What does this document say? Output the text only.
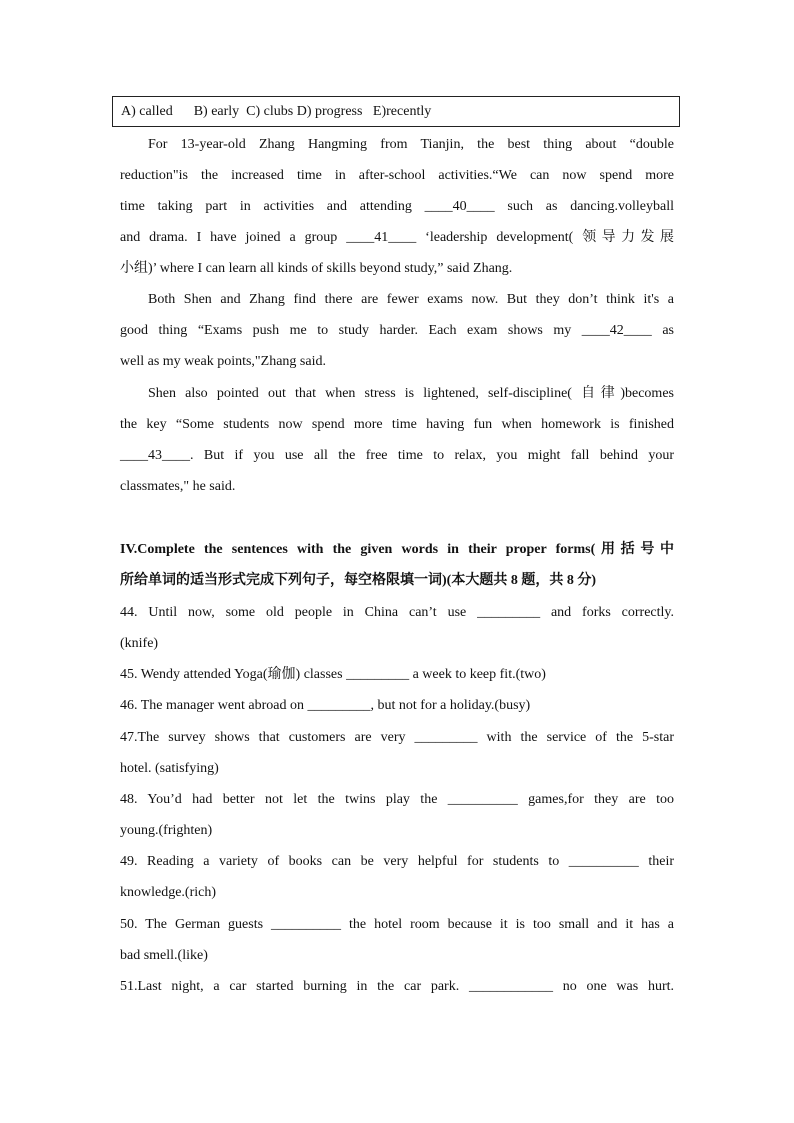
A) called      B) early  C) clubs D) progress   E)recently
For 13-year-old Zhang Hangming from Tianjin, the best thing about “double
reduction"is the increased time in after-school activities.“We can now spend more
time taking part in activities and attending ____40____ such as dancing.volleyball
and drama. I have joined a group ____41____ ‘leadership development( 领导力发展
小组)’ where I can learn all kinds of skills beyond study,” said Zhang.
Both Shen and Zhang find there are fewer exams now. But they don’t think it's a
good thing “Exams push me to study harder. Each exam shows my ____42____ as
well as my weak points,"Zhang said.
Shen also pointed out that when stress is lightened, self-discipline( 自律)becomes
the key “Some students now spend more time having fun when homework is finished
____43____. But if you use all the free time to relax, you might fall behind your
classmates," he said.
IV.Complete the sentences with the given words in their proper forms(用括号中
所给单词的适当形式完成下列句子，每空格限填一词)(本大题共 8 题，共 8 分)
44. Until now, some old people in China can’t use _________ and forks correctly.
(knife)
45. Wendy attended Yoga(瑜伽) classes _________ a week to keep fit.(two)
46. The manager went abroad on _________, but not for a holiday.(busy)
47.The survey shows that customers are very _________ with the service of the 5-star
hotel. (satisfying)
48. You’d had better not let the twins play the __________ games,for they are too
young.(frighten)
49. Reading a variety of books can be very helpful for students to __________ their
knowledge.(rich)
50. The German guests __________ the hotel room because it is too small and it has a
bad smell.(like)
51.Last night, a car started burning in the car park. ____________ no one was hurt.
